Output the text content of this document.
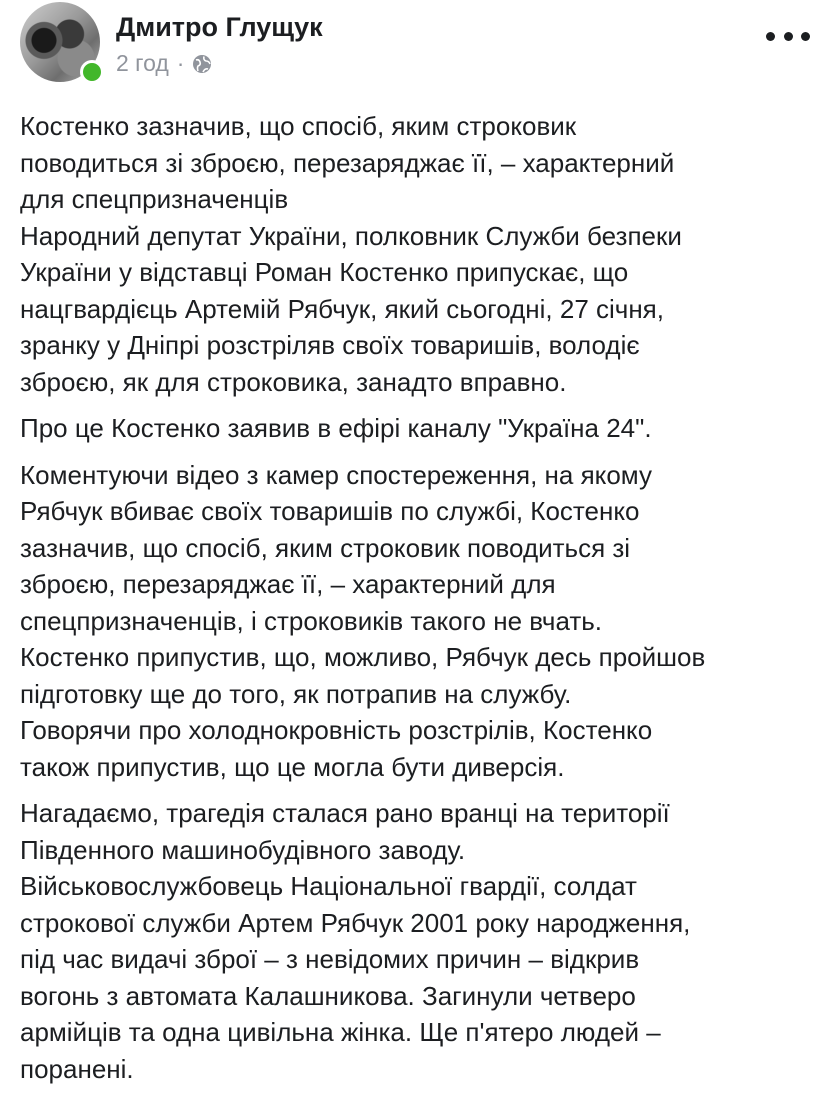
Дмитро Глущук
2 год ·

Костенко зазначив, що спосіб, яким строковик
поводиться зі зброєю, перезаряджає її, – характерний
для спецпризначенців
Народний депутат України, полковник Служби безпеки
України у відставці Роман Костенко припускає, що
нацгвардієць Артемій Рябчук, який сьогодні, 27 січня,
зранку у Дніпрі розстріляв своїх товаришів, володіє
зброєю, як для строковика, занадто вправно.

Про це Костенко заявив в ефірі каналу "Україна 24".

Коментуючи відео з камер спостереження, на якому
Рябчук вбиває своїх товаришів по службі, Костенко
зазначив, що спосіб, яким строковик поводиться зі
зброєю, перезаряджає її, – характерний для
спецпризначенців, і строковиків такого не вчать.
Костенко припустив, що, можливо, Рябчук десь пройшов
підготовку ще до того, як потрапив на службу.
Говорячи про холоднокровність розстрілів, Костенко
також припустив, що це могла бути диверсія.

Нагадаємо, трагедія сталася рано вранці на території
Південного машинобудівного заводу.
Військовослужбовець Національної гвардії, солдат
строкової служби Артем Рябчук 2001 року народження,
під час видачі зброї – з невідомих причин – відкрив
вогонь з автомата Калашникова. Загинули четверо
армійців та одна цивільна жінка. Ще п'ятеро людей –
поранені.
